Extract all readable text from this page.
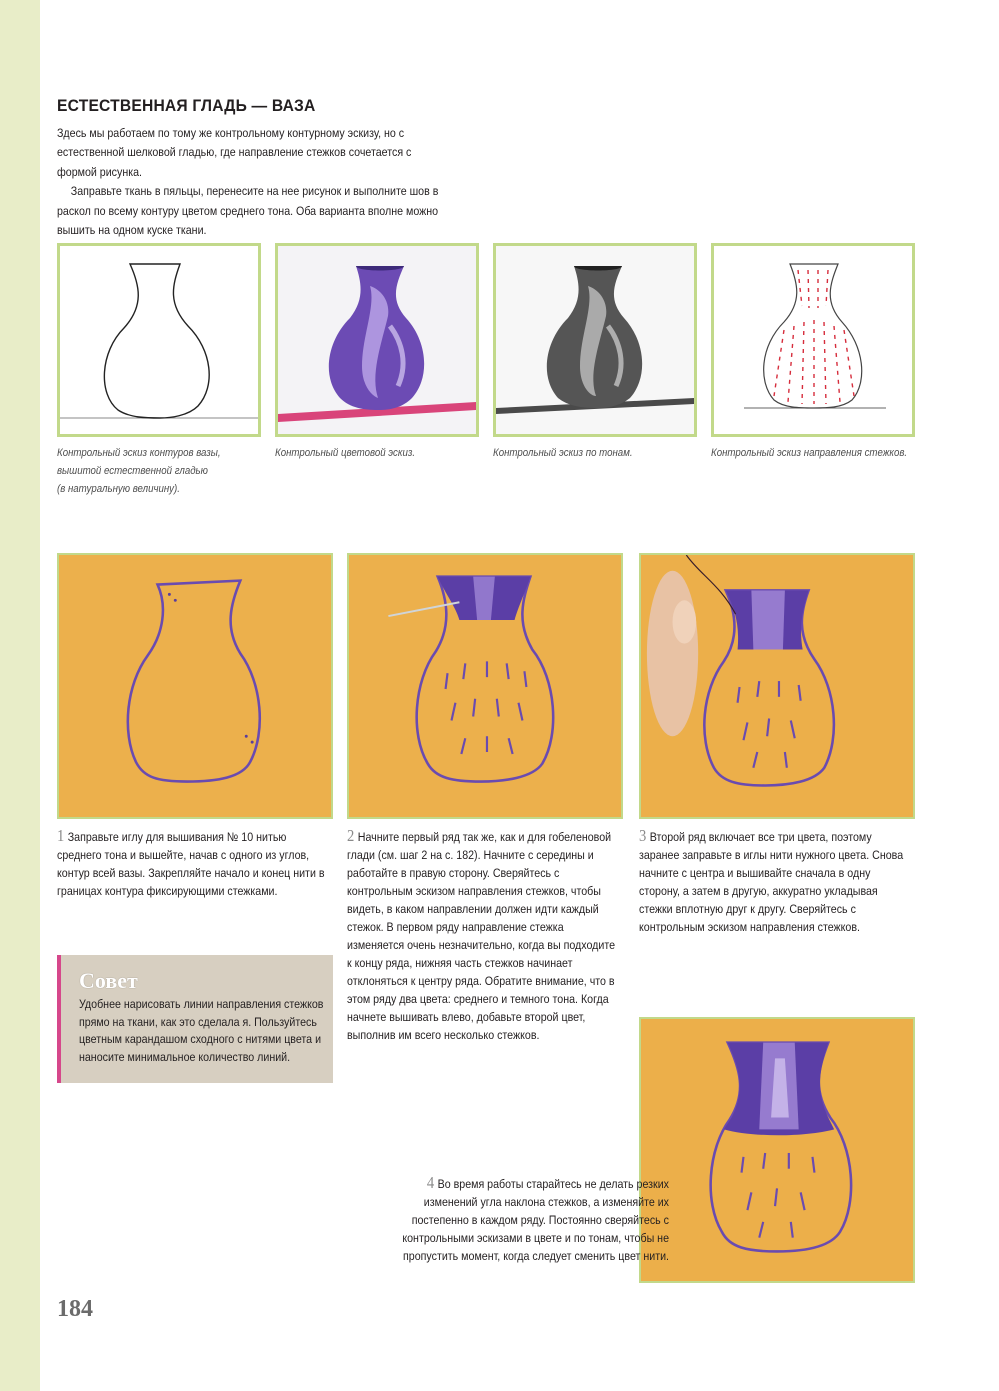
ЕСТЕСТВЕННАЯ ГЛАДЬ — ВАЗА

Здесь мы работаем по тому же контрольному контурному эскизу, но с естественной шелковой гладью, где направление стежков сочетается с формой рисунка.

Заправьте ткань в пяльцы, перенесите на нее рисунок и выполните шов в раскол по всему контуру цветом среднего тона. Оба варианта вполне можно вышить на одном куске ткани.

Контрольный эскиз контуров вазы,
вышитой естественной гладью
(в натуральную величину).
Контрольный цветовой эскиз.	Контрольный эскиз по тонам.	Контрольный эскиз направления стежков.
1 Заправьте иглу для вышивания № 10 нитью среднего тона и вышейте, начав с одного из углов, контур всей вазы. Закрепляйте начало и конец нити в границах контура фиксирующими стежками.
2 Начните первый ряд так же, как и для гобеленовой глади (см. шаг 2 на с. 182). Начните с середины и работайте в правую сторону. Сверяйтесь с контрольным эскизом направления стежков, чтобы видеть, в каком направлении должен идти каждый стежок. В первом ряду направление стежка изменяется очень незначительно, когда вы подходите к концу ряда, нижняя часть стежков начинает отклоняться к центру ряда. Обратите внимание, что в этом ряду два цвета: среднего и темного тона. Когда начнете вышивать влево, добавьте второй цвет, выполнив им всего несколько стежков.
3 Второй ряд включает все три цвета, поэтому заранее заправьте в иглы нити нужного цвета. Снова начните с центра и вышивайте сначала в одну сторону, а затем в другую, аккуратно укладывая стежки вплотную друг к другу. Сверяйтесь с контрольным эскизом направления стежков.
4 Во время работы старайтесь не делать резких изменений угла наклона стежков, а изменяйте их постепенно в каждом ряду. Постоянно сверяйтесь с контрольными эскизами в цвете и по тонам, чтобы не пропустить момент, когда следует сменить цвет нити.
Совет
Удобнее нарисовать линии направления стежков прямо на ткани, как это сделала я. Пользуйтесь цветным карандашом сходного с нитями цвета и наносите минимальное количество линий.
184
